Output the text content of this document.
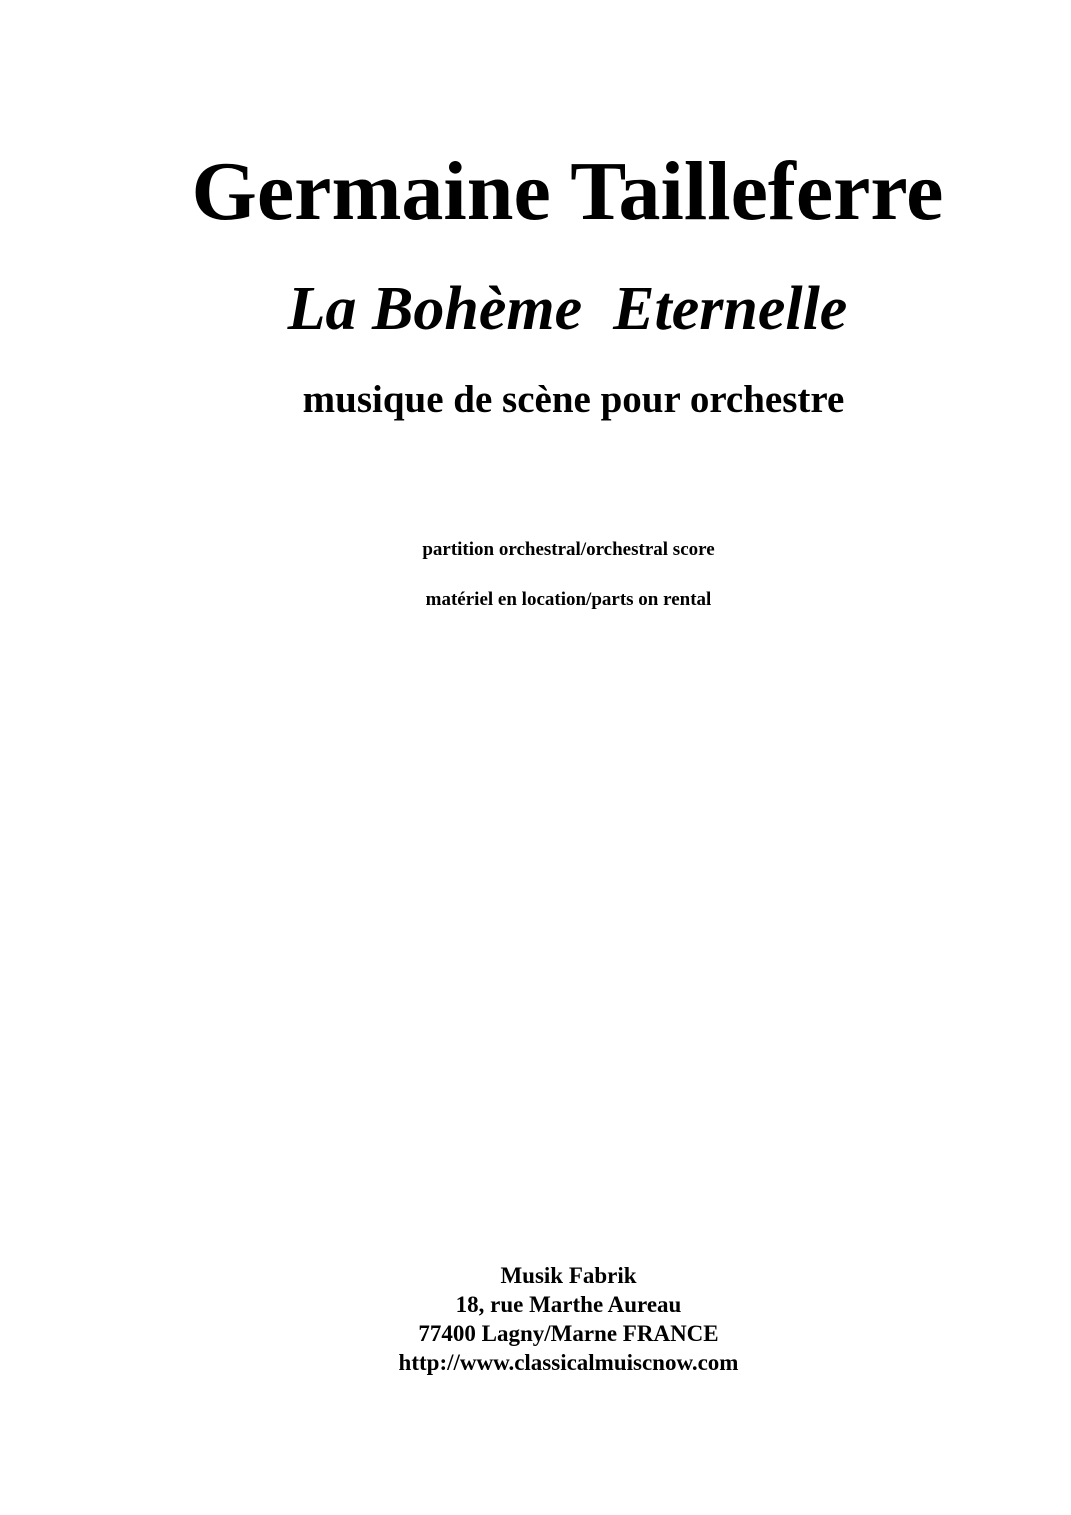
Germaine Tailleferre
La Bohème  Eternelle
musique de scène pour orchestre
partition orchestral/orchestral score
matériel en location/parts on rental
Musik Fabrik
18, rue Marthe Aureau
77400 Lagny/Marne FRANCE
http://www.classicalmuiscnow.com
